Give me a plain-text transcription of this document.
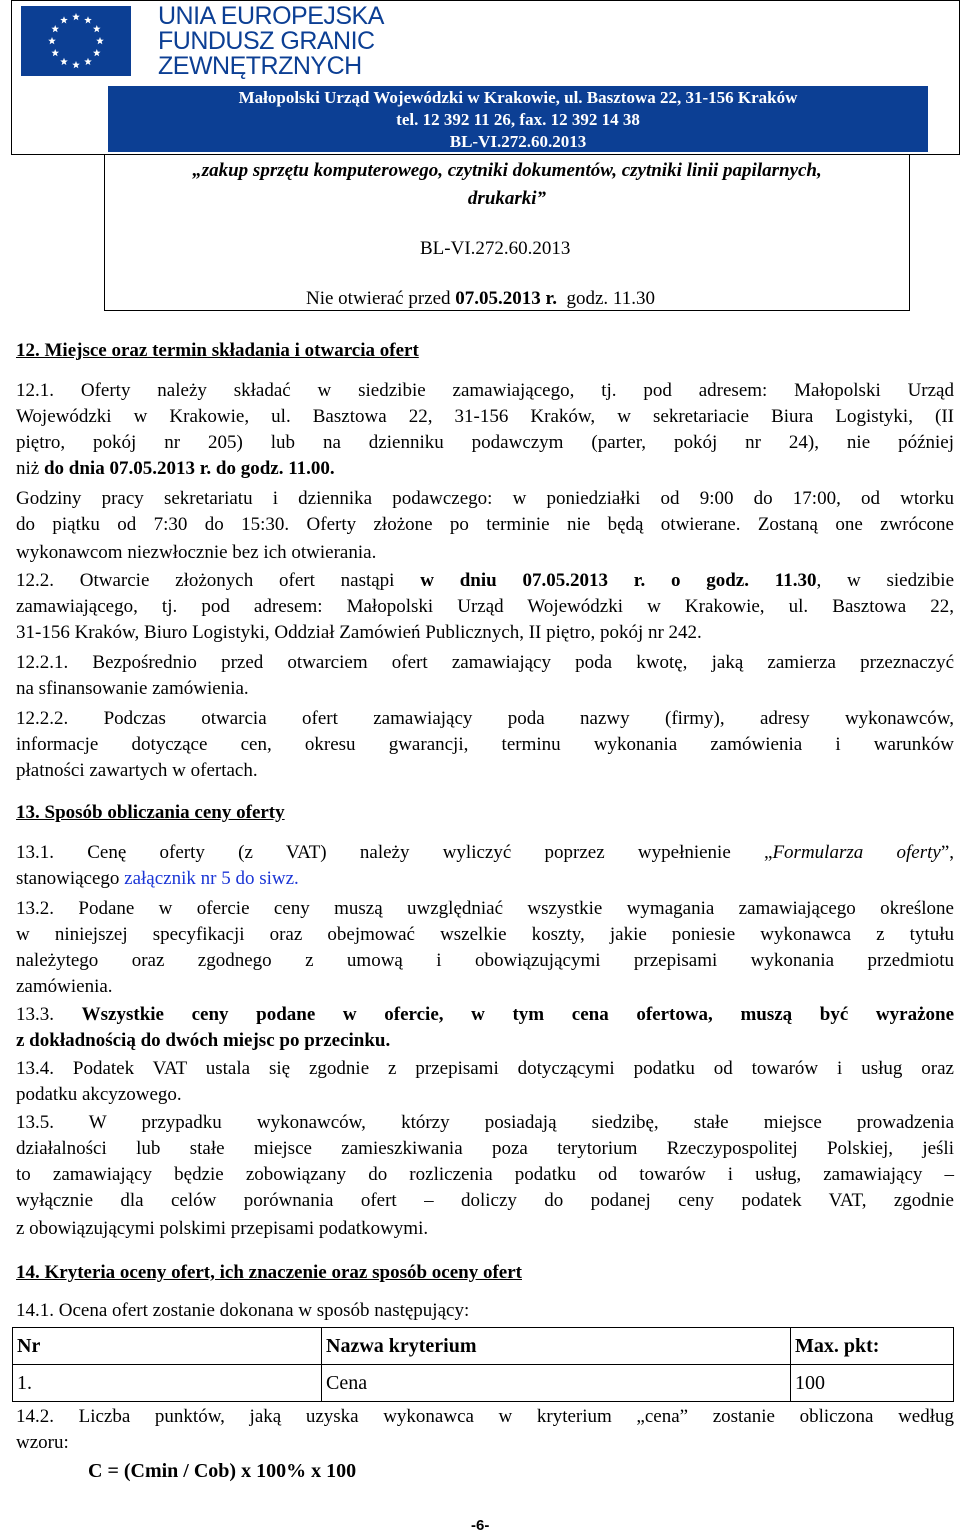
UNIA EUROPEJSKA
FUNDUSZ GRANIC
ZEWNĘTRZNYCH
Małopolski Urząd Wojewódzki w Krakowie, ul. Basztowa 22, 31-156 Kraków
tel. 12 392 11 26, fax. 12 392 14 38
BL-VI.272.60.2013
„zakup sprzętu komputerowego, czytniki dokumentów, czytniki linii papilarnych,
drukarki”
BL-VI.272.60.2013
Nie otwierać przed 07.05.2013 r. godz. 11.30
12. Miejsce oraz termin składania i otwarcia ofert
12.1. Oferty należy składać w siedzibie zamawiającego, tj. pod adresem: Małopolski Urząd
Wojewódzki w Krakowie, ul. Basztowa 22, 31-156 Kraków, w sekretariacie Biura Logistyki, (II
piętro, pokój nr 205) lub na dzienniku podawczym (parter, pokój nr 24), nie później
niż do dnia 07.05.2013 r. do godz. 11.00.
Godziny pracy sekretariatu i dziennika podawczego: w poniedziałki od 9:00 do 17:00, od wtorku
do piątku od 7:30 do 15:30. Oferty złożone po terminie nie będą otwierane. Zostaną one zwrócone
wykonawcom niezwłocznie bez ich otwierania.
12.2. Otwarcie złożonych ofert nastąpi w dniu 07.05.2013 r. o godz. 11.30, w siedzibie
zamawiającego, tj. pod adresem: Małopolski Urząd Wojewódzki w Krakowie, ul. Basztowa 22,
31-156 Kraków, Biuro Logistyki, Oddział Zamówień Publicznych, II piętro, pokój nr 242.
12.2.1. Bezpośrednio przed otwarciem ofert zamawiający poda kwotę, jaką zamierza przeznaczyć
na sfinansowanie zamówienia.
12.2.2. Podczas otwarcia ofert zamawiający poda nazwy (firmy), adresy wykonawców,
informacje dotyczące cen, okresu gwarancji, terminu wykonania zamówienia i warunków
płatności zawartych w ofertach.
13. Sposób obliczania ceny oferty
13.1. Cenę oferty (z VAT) należy wyliczyć poprzez wypełnienie „Formularza oferty”,
stanowiącego załącznik nr 5 do siwz.
13.2. Podane w ofercie ceny muszą uwzględniać wszystkie wymagania zamawiającego określone
w niniejszej specyfikacji oraz obejmować wszelkie koszty, jakie poniesie wykonawca z tytułu
należytego oraz zgodnego z umową i obowiązującymi przepisami wykonania przedmiotu
zamówienia.
13.3. Wszystkie ceny podane w ofercie, w tym cena ofertowa, muszą być wyrażone
z dokładnością do dwóch miejsc po przecinku.
13.4. Podatek VAT ustala się zgodnie z przepisami dotyczącymi podatku od towarów i usług oraz
podatku akcyzowego.
13.5. W przypadku wykonawców, którzy posiadają siedzibę, stałe miejsce prowadzenia
działalności lub stałe miejsce zamieszkiwania poza terytorium Rzeczypospolitej Polskiej, jeśli
to zamawiający będzie zobowiązany do rozliczenia podatku od towarów i usług, zamawiający –
wyłącznie dla celów porównania ofert – doliczy do podanej ceny podatek VAT, zgodnie
z obowiązującymi polskimi przepisami podatkowymi.
14. Kryteria oceny ofert, ich znaczenie oraz sposób oceny ofert
14.1. Ocena ofert zostanie dokonana w sposób następujący:
Nr	Nazwa kryterium	Max. pkt:
1.	Cena	100
14.2. Liczba punktów, jaką uzyska wykonawca w kryterium „cena” zostanie obliczona według
wzoru:
C = (Cmin / Cob) x 100% x 100
-6-
